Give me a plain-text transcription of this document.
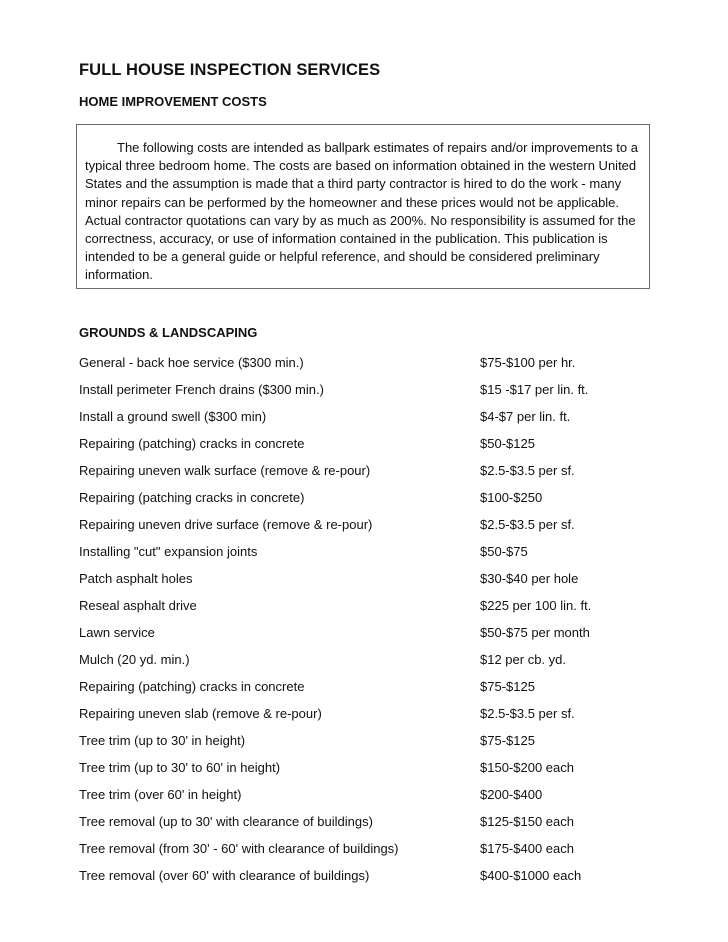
FULL HOUSE INSPECTION SERVICES
HOME IMPROVEMENT COSTS

The following costs are intended as ballpark estimates of repairs and/or improvements to a typical three bedroom home. The costs are based on information obtained in the western United States and the assumption is made that a third party contractor is hired to do the work - many minor repairs can be performed by the homeowner and these prices would not be applicable. Actual contractor quotations can vary by as much as 200%. No responsibility is assumed for the correctness, accuracy, or use of information contained in the publication. This publication is intended to be a general guide or helpful reference, and should be considered preliminary information.

GROUNDS & LANDSCAPING
General - back hoe service ($300 min.)	$75-$100 per hr.
Install perimeter French drains ($300 min.)	$15 -$17 per lin. ft.
Install a ground swell ($300 min)	$4-$7 per lin. ft.
Repairing (patching) cracks in concrete	$50-$125
Repairing uneven walk surface (remove & re-pour)	$2.5-$3.5 per sf.
Repairing (patching cracks in concrete)	$100-$250
Repairing uneven drive surface (remove & re-pour)	$2.5-$3.5 per sf.
Installing "cut" expansion joints	$50-$75
Patch asphalt holes	$30-$40 per hole
Reseal asphalt drive	$225 per 100 lin. ft.
Lawn service	$50-$75 per month
Mulch (20 yd. min.)	$12 per cb. yd.
Repairing (patching) cracks in concrete	$75-$125
Repairing uneven slab (remove & re-pour)	$2.5-$3.5 per sf.
Tree trim (up to 30' in height)	$75-$125
Tree trim (up to 30' to 60' in height)	$150-$200 each
Tree trim (over 60' in height)	$200-$400
Tree removal (up to 30' with clearance of buildings)	$125-$150 each
Tree removal (from 30' - 60' with clearance of buildings)	$175-$400 each
Tree removal (over 60' with clearance of buildings)	$400-$1000 each
